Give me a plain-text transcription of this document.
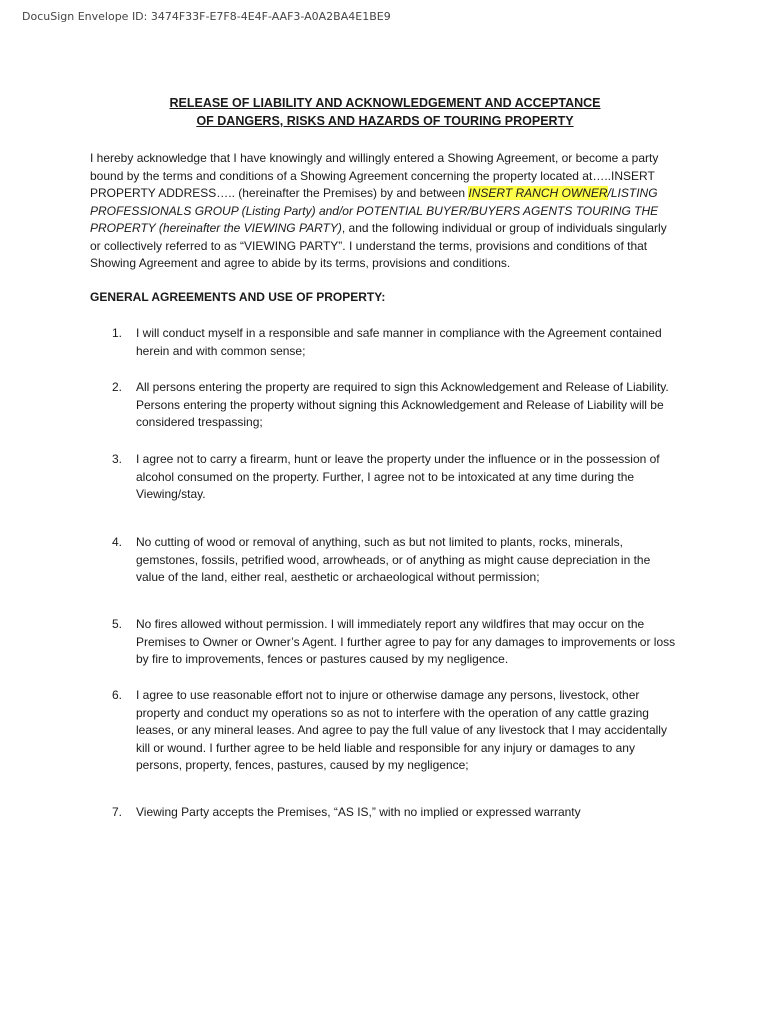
DocuSign Envelope ID: 3474F33F-E7F8-4E4F-AAF3-A0A2BA4E1BE9
RELEASE OF LIABILITY AND ACKNOWLEDGEMENT AND ACCEPTANCE
OF DANGERS, RISKS AND HAZARDS OF TOURING PROPERTY
I hereby acknowledge that I have knowingly and willingly entered a Showing Agreement, or become a party bound by the terms and conditions of a Showing Agreement concerning the property located at…..INSERT PROPERTY ADDRESS….. (hereinafter the Premises) by and between INSERT RANCH OWNER/LISTING PROFESSIONALS GROUP (Listing Party) and/or POTENTIAL BUYER/BUYERS AGENTS TOURING THE PROPERTY (hereinafter the VIEWING PARTY), and the following individual or group of individuals singularly or collectively referred to as “VIEWING PARTY”. I understand the terms, provisions and conditions of that Showing Agreement and agree to abide by its terms, provisions and conditions.
GENERAL AGREEMENTS AND USE OF PROPERTY:
1.	I will conduct myself in a responsible and safe manner in compliance with the Agreement contained herein and with common sense;
2.	All persons entering the property are required to sign this Acknowledgement and Release of Liability. Persons entering the property without signing this Acknowledgement and Release of Liability will be considered trespassing;
3.	I agree not to carry a firearm, hunt or leave the property under the influence or in the possession of alcohol consumed on the property. Further, I agree not to be intoxicated at any time during the Viewing/stay.
4.	No cutting of wood or removal of anything, such as but not limited to plants, rocks, minerals, gemstones, fossils, petrified wood, arrowheads, or of anything as might cause depreciation in the value of the land, either real, aesthetic or archaeological without permission;
5.	No fires allowed without permission. I will immediately report any wildfires that may occur on the Premises to Owner or Owner’s Agent. I further agree to pay for any damages to improvements or loss by fire to improvements, fences or pastures caused by my negligence.
6.	I agree to use reasonable effort not to injure or otherwise damage any persons, livestock, other property and conduct my operations so as not to interfere with the operation of any cattle grazing leases, or any mineral leases. And agree to pay the full value of any livestock that I may accidentally kill or wound. I further agree to be held liable and responsible for any injury or damages to any persons, property, fences, pastures, caused by my negligence;
7.	Viewing Party accepts the Premises, “AS IS,” with no implied or expressed warranty
